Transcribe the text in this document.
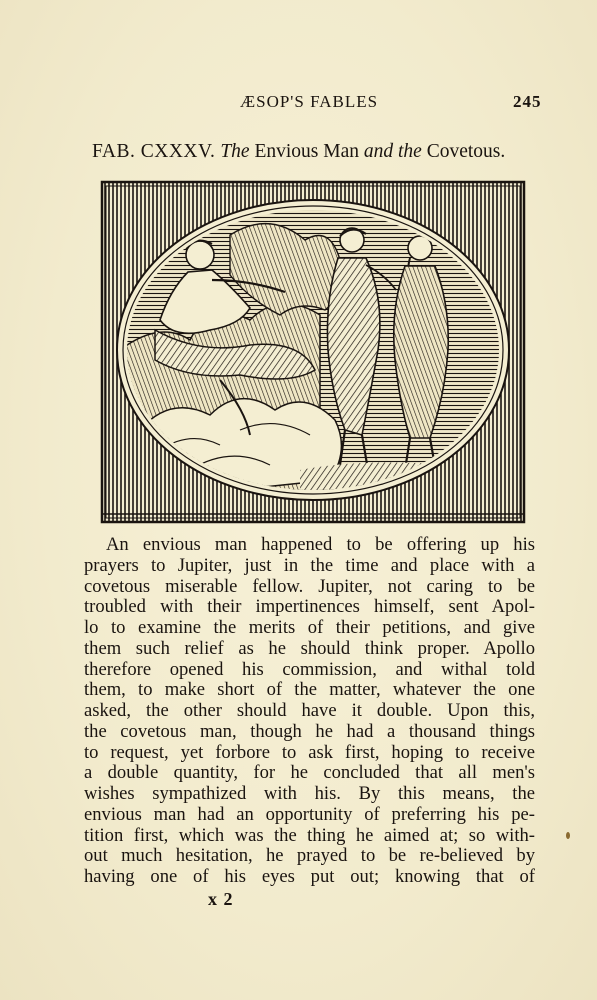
ÆSOP'S FABLES	245
FAB. CXXXV. The Envious Man and the Covetous.
An envious man happened to be offering up his
prayers to Jupiter, just in the time and place with a
covetous miserable fellow. Jupiter, not caring to be
troubled with their impertinences himself, sent Apol-
lo to examine the merits of their petitions, and give
them such relief as he should think proper. Apollo
therefore opened his commission, and withal told
them, to make short of the matter, whatever the one
asked, the other should have it double. Upon this,
the covetous man, though he had a thousand things
to request, yet forbore to ask first, hoping to receive
a double quantity, for he concluded that all men's
wishes sympathized with his. By this means, the
envious man had an opportunity of preferring his pe-
tition first, which was the thing he aimed at; so with-
out much hesitation, he prayed to be re-believed by
having one of his eyes put out; knowing that of
x 2
